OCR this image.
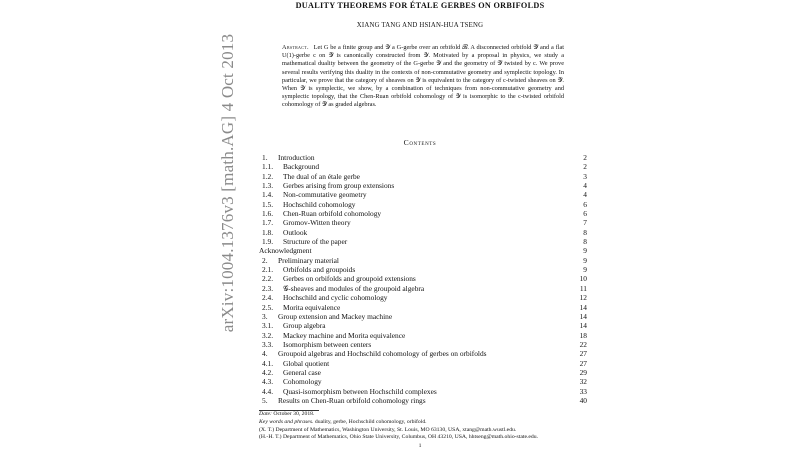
arXiv:1004.1376v3 [math.AG] 4 Oct 2013
DUALITY THEOREMS FOR ÉTALE GERBES ON ORBIFOLDS
XIANG TANG AND HSIAN-HUA TSENG
Abstract. Let G be a finite group and 𝒴 a G-gerbe over an orbifold ℬ. A disconnected orbifold 𝒴̂ and a flat U(1)-gerbe c on 𝒴̂ is canonically constructed from 𝒴. Motivated by a proposal in physics, we study a mathematical duality between the geometry of the G-gerbe 𝒴 and the geometry of 𝒴̂ twisted by c. We prove several results verifying this duality in the contexts of non-commutative geometry and symplectic topology. In particular, we prove that the category of sheaves on 𝒴 is equivalent to the category of c-twisted sheaves on 𝒴̂. When 𝒴 is symplectic, we show, by a combination of techniques from non-commutative geometry and symplectic topology, that the Chen-Ruan orbifold cohomology of 𝒴 is isomorphic to the c-twisted orbifold cohomology of 𝒴̂ as graded algebras.
Contents
1. Introduction	2
1.1. Background	2
1.2. The dual of an étale gerbe	3
1.3. Gerbes arising from group extensions	4
1.4. Non-commutative geometry	4
1.5. Hochschild cohomology	6
1.6. Chen-Ruan orbifold cohomology	6
1.7. Gromov-Witten theory	7
1.8. Outlook	8
1.9. Structure of the paper	8
Acknowledgment	9
2. Preliminary material	9
2.1. Orbifolds and groupoids	9
2.2. Gerbes on orbifolds and groupoid extensions	10
2.3. 𝒢-sheaves and modules of the groupoid algebra	11
2.4. Hochschild and cyclic cohomology	12
2.5. Morita equivalence	14
3. Group extension and Mackey machine	14
3.1. Group algebra	14
3.2. Mackey machine and Morita equivalence	18
3.3. Isomorphism between centers	22
4. Groupoid algebras and Hochschild cohomology of gerbes on orbifolds	27
4.1. Global quotient	27
4.2. General case	29
4.3. Cohomology	32
4.4. Quasi-isomorphism between Hochschild complexes	33
5. Results on Chen-Ruan orbifold cohomology rings	40
Date: October 30, 2018.
Key words and phrases. duality, gerbe, Hochschild cohomology, orbifold.
(X. T.) Department of Mathematics, Washington University, St. Louis, MO 63130, USA, xtang@math.wustl.edu.
(H.-H. T.) Department of Mathematics, Ohio State University, Columbus, OH 43210, USA, hhtseng@math.ohio-state.edu.
1
